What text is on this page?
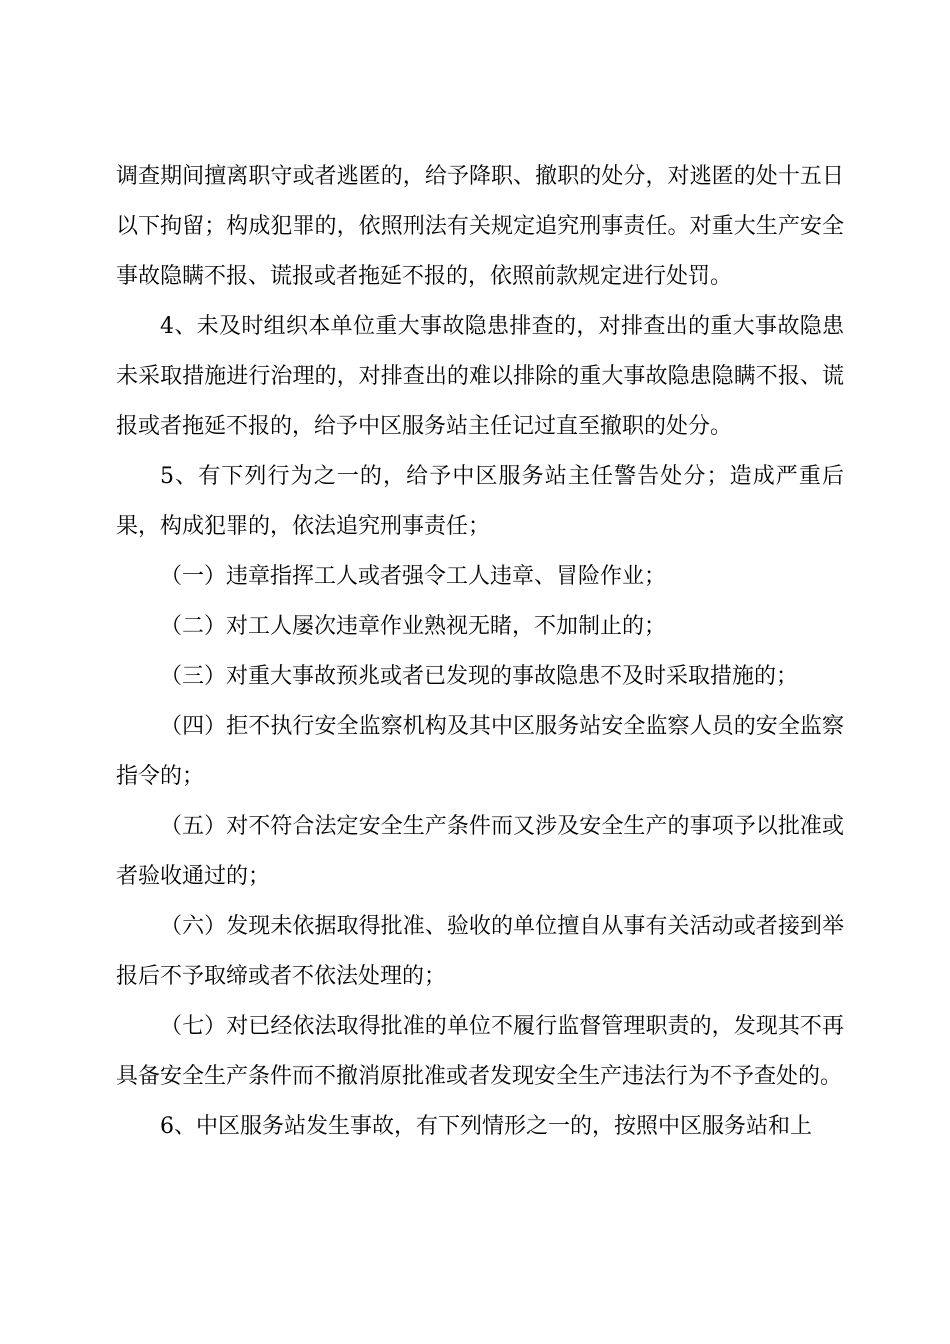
调查期间擅离职守或者逃匿的，给予降职、撤职的处分，对逃匿的处十五日以下拘留；构成犯罪的，依照刑法有关规定追究刑事责任。对重大生产安全事故隐瞒不报、谎报或者拖延不报的，依照前款规定进行处罚。

4、未及时组织本单位重大事故隐患排查的，对排查出的重大事故隐患未采取措施进行治理的，对排查出的难以排除的重大事故隐患隐瞒不报、谎报或者拖延不报的，给予中区服务站主任记过直至撤职的处分。

5、有下列行为之一的，给予中区服务站主任警告处分；造成严重后果，构成犯罪的，依法追究刑事责任；

（一）违章指挥工人或者强令工人违章、冒险作业；

（二）对工人屡次违章作业熟视无睹，不加制止的；

（三）对重大事故预兆或者已发现的事故隐患不及时采取措施的；

（四）拒不执行安全监察机构及其中区服务站安全监察人员的安全监察指令的；

（五）对不符合法定安全生产条件而又涉及安全生产的事项予以批准或者验收通过的；

（六）发现未依据取得批准、验收的单位擅自从事有关活动或者接到举报后不予取缔或者不依法处理的；

（七）对已经依法取得批准的单位不履行监督管理职责的，发现其不再具备安全生产条件而不撤消原批准或者发现安全生产违法行为不予查处的。

6、中区服务站发生事故，有下列情形之一的，按照中区服务站和上
